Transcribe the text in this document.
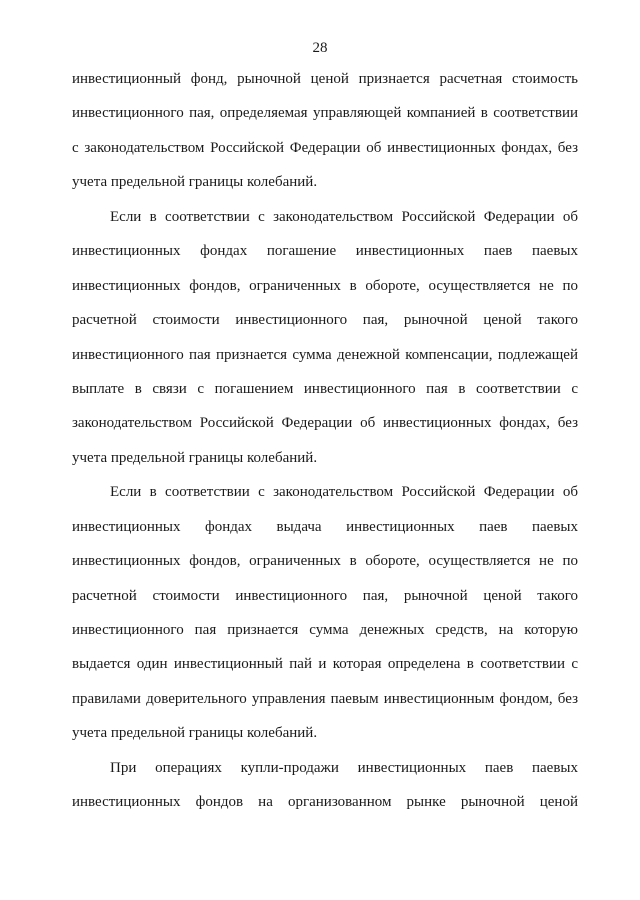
28
инвестиционный фонд, рыночной ценой признается расчетная стоимость
инвестиционного пая, определяемая управляющей компанией в соответствии
с законодательством Российской Федерации об инвестиционных фондах, без
учета предельной границы колебаний.
Если в соответствии с законодательством Российской Федерации об
инвестиционных фондах погашение инвестиционных паев паевых
инвестиционных фондов, ограниченных в обороте, осуществляется не по
расчетной стоимости инвестиционного пая, рыночной ценой такого
инвестиционного пая признается сумма денежной компенсации, подлежащей
выплате в связи с погашением инвестиционного пая в соответствии с
законодательством Российской Федерации об инвестиционных фондах, без
учета предельной границы колебаний.
Если в соответствии с законодательством Российской Федерации об
инвестиционных фондах выдача инвестиционных паев паевых
инвестиционных фондов, ограниченных в обороте, осуществляется не по
расчетной стоимости инвестиционного пая, рыночной ценой такого
инвестиционного пая признается сумма денежных средств, на которую
выдается один инвестиционный пай и которая определена в соответствии с
правилами доверительного управления паевым инвестиционным фондом, без
учета предельной границы колебаний.
При операциях купли-продажи инвестиционных паев паевых
инвестиционных фондов на организованном рынке рыночной ценой
